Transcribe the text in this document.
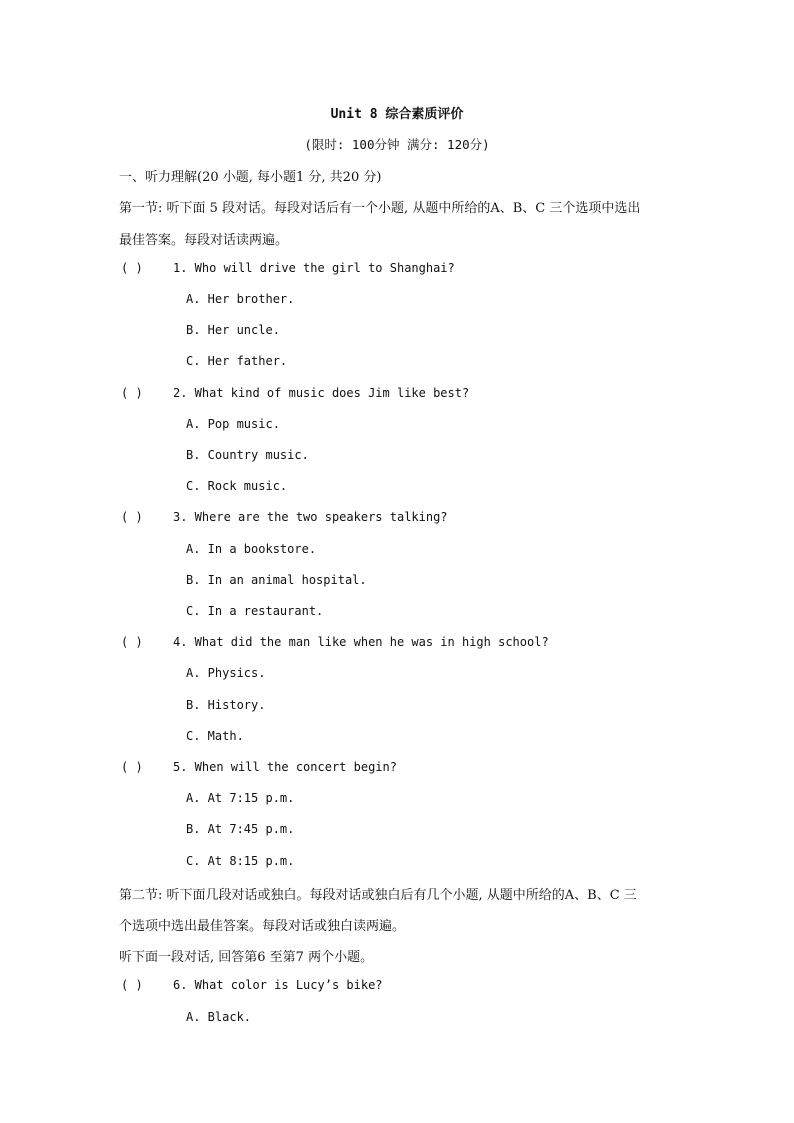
Unit 8 综合素质评价
(限时: 100分钟 满分: 120分)
一、听力理解(20 小题, 每小题1 分, 共20 分)
第一节: 听下面 5 段对话。每段对话后有一个小题, 从题中所给的A、B、C 三个选项中选出
最佳答案。每段对话读两遍。
( )	1. Who will drive the girl to Shanghai?
A. Her brother.
B. Her uncle.
C. Her father.
( )	2. What kind of music does Jim like best?
A. Pop music.
B. Country music.
C. Rock music.
( )	3. Where are the two speakers talking?
A. In a bookstore.
B. In an animal hospital.
C. In a restaurant.
( )	4. What did the man like when he was in high school?
A. Physics.
B. History.
C. Math.
( )	5. When will the concert begin?
A. At 7:15 p.m.
B. At 7:45 p.m.
C. At 8:15 p.m.
第二节: 听下面几段对话或独白。每段对话或独白后有几个小题, 从题中所给的A、B、C 三
个选项中选出最佳答案。每段对话或独白读两遍。
听下面一段对话, 回答第6 至第7 两个小题。
( )	6. What color is Lucy’s bike?
A. Black.
